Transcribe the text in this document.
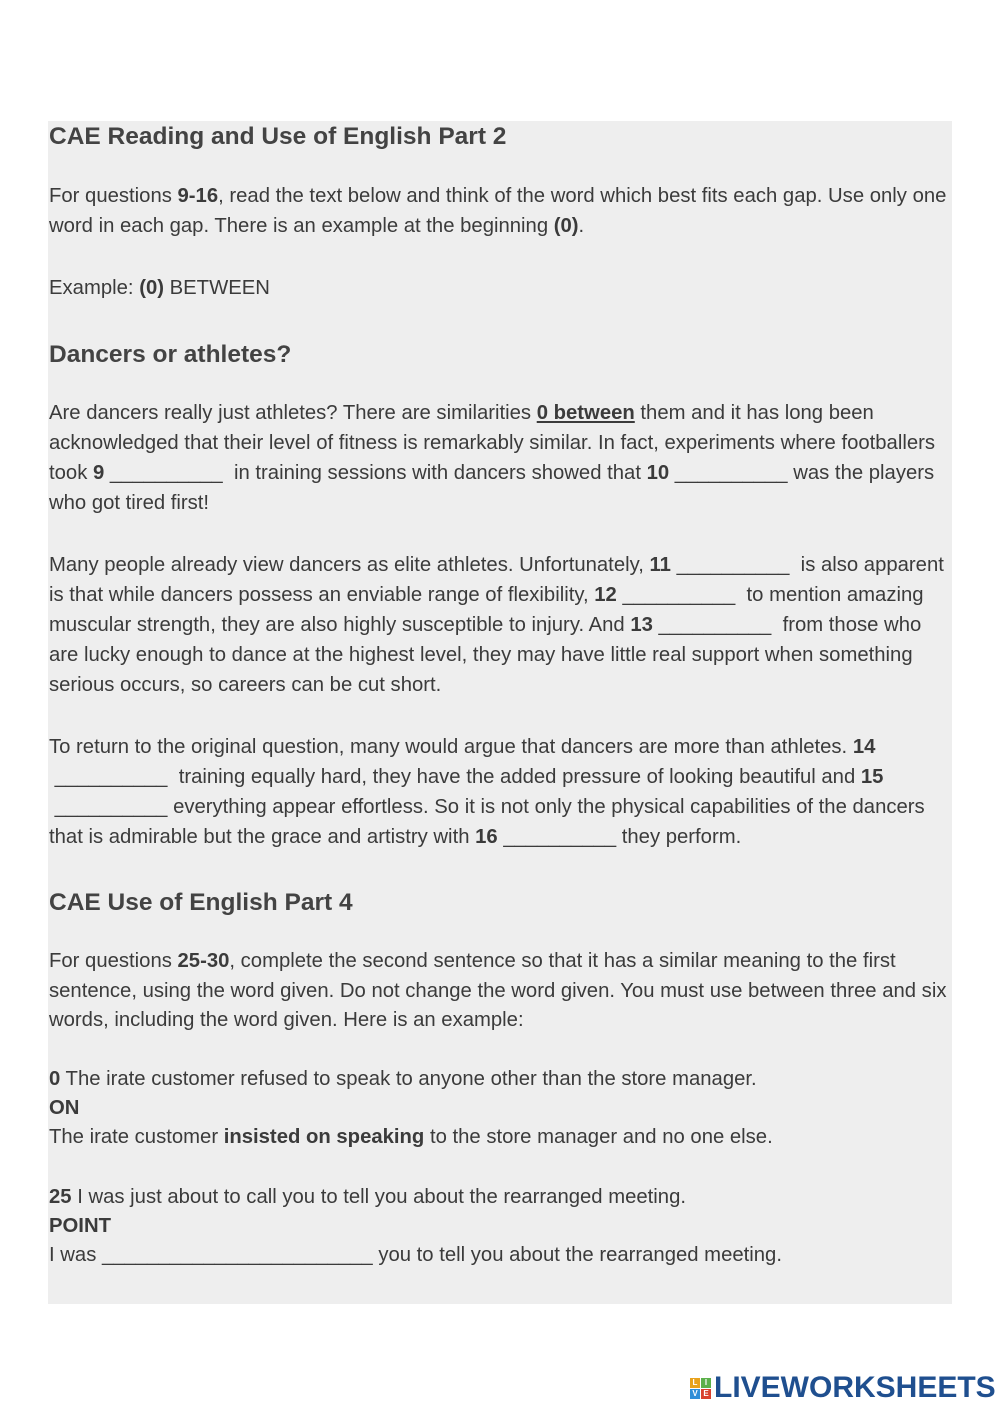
CAE Reading and Use of English Part 2

For questions 9-16, read the text below and think of the word which best fits each gap. Use only one word in each gap. There is an example at the beginning (0).

Example: (0) BETWEEN

Dancers or athletes?

Are dancers really just athletes? There are similarities 0 between them and it has long been acknowledged that their level of fitness is remarkably similar. In fact, experiments where footballers took 9 __________  in training sessions with dancers showed that 10 __________ was the players who got tired first!

Many people already view dancers as elite athletes. Unfortunately, 11 __________  is also apparent is that while dancers possess an enviable range of flexibility, 12 __________  to mention amazing muscular strength, they are also highly susceptible to injury. And 13 __________  from those who are lucky enough to dance at the highest level, they may have little real support when something serious occurs, so careers can be cut short.

To return to the original question, many would argue that dancers are more than athletes. 14 __________  training equally hard, they have the added pressure of looking beautiful and 15 __________ everything appear effortless. So it is not only the physical capabilities of the dancers that is admirable but the grace and artistry with 16 __________ they perform.

CAE Use of English Part 4

For questions 25-30, complete the second sentence so that it has a similar meaning to the first sentence, using the word given. Do not change the word given. You must use between three and six words, including the word given. Here is an example:

0 The irate customer refused to speak to anyone other than the store manager.

ON

The irate customer insisted on speaking to the store manager and no one else.

25 I was just about to call you to tell you about the rearranged meeting.

POINT

I was ________________________ you to tell you about the rearranged meeting.

L I
V E LIVEWORKSHEETS
